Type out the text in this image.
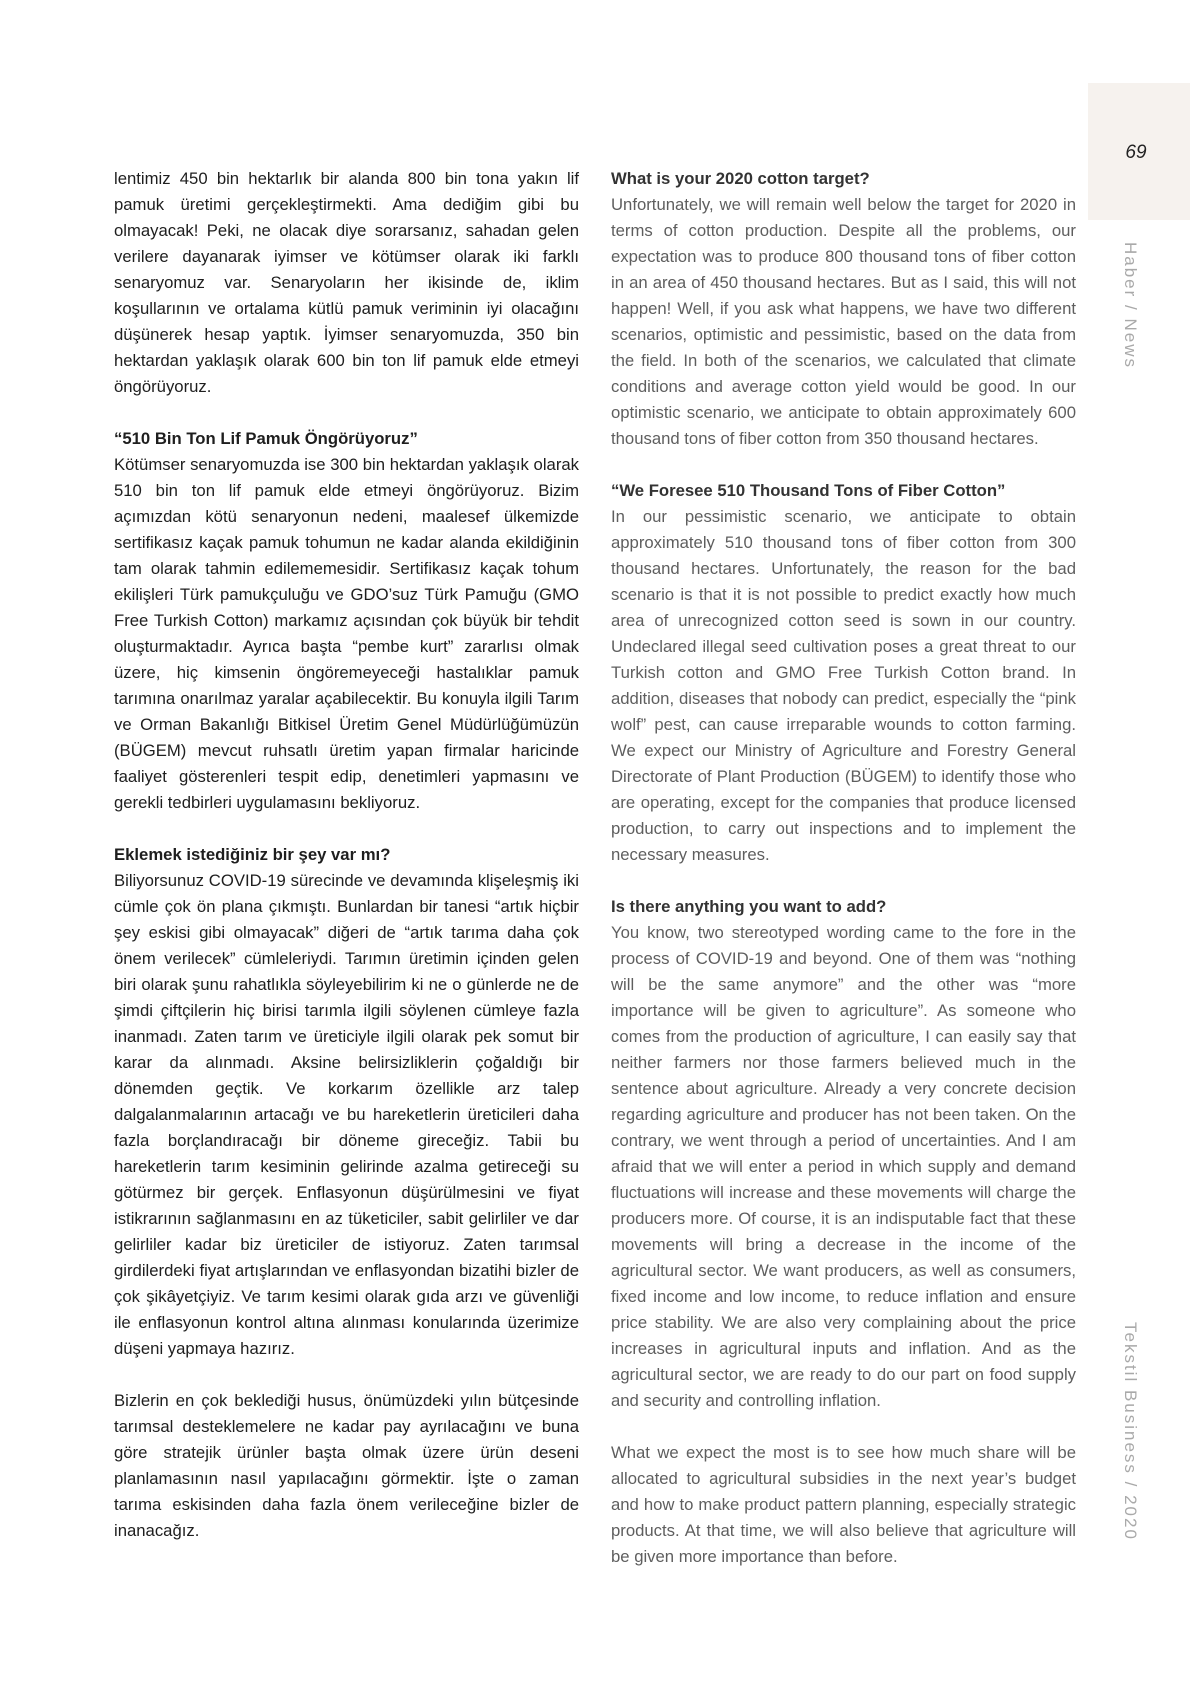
69
Haber / News
Tekstil Business / 2020

lentimiz 450 bin hektarlık bir alanda 800 bin tona yakın lif pamuk üretimi gerçekleştirmekti. Ama dediğim gibi bu olmayacak! Peki, ne olacak diye sorarsanız, sahadan gelen verilere dayanarak iyimser ve kötümser olarak iki farklı senaryomuz var. Senaryoların her ikisinde de, iklim koşullarının ve ortalama kütlü pamuk veriminin iyi olacağını düşünerek hesap yaptık. İyimser senaryomuzda, 350 bin hektardan yaklaşık olarak 600 bin ton lif pamuk elde etmeyi öngörüyoruz.

“510 Bin Ton Lif Pamuk Öngörüyoruz”

Kötümser senaryomuzda ise 300 bin hektardan yaklaşık olarak 510 bin ton lif pamuk elde etmeyi öngörüyoruz. Bizim açımızdan kötü senaryonun nedeni, maalesef ülkemizde sertifikasız kaçak pamuk tohumun ne kadar alanda ekildiğinin tam olarak tahmin edilememesidir. Sertifikasız kaçak tohum ekilişleri Türk pamukçuluğu ve GDO’suz Türk Pamuğu (GMO Free Turkish Cotton) markamız açısından çok büyük bir tehdit oluşturmaktadır. Ayrıca başta “pembe kurt” zararlısı olmak üzere, hiç kimsenin öngöremeyeceği hastalıklar pamuk tarımına onarılmaz yaralar açabilecektir. Bu konuyla ilgili Tarım ve Orman Bakanlığı Bitkisel Üretim Genel Müdürlüğümüzün (BÜGEM) mevcut ruhsatlı üretim yapan firmalar haricinde faaliyet gösterenleri tespit edip, denetimleri yapmasını ve gerekli tedbirleri uygulamasını bekliyoruz.

Eklemek istediğiniz bir şey var mı?

Biliyorsunuz COVID-19 sürecinde ve devamında klişeleşmiş iki cümle çok ön plana çıkmıştı. Bunlardan bir tanesi “artık hiçbir şey eskisi gibi olmayacak” diğeri de “artık tarıma daha çok önem verilecek” cümleleriydi. Tarımın üretimin içinden gelen biri olarak şunu rahatlıkla söyleyebilirim ki ne o günlerde ne de şimdi çiftçilerin hiç birisi tarımla ilgili söylenen cümleye fazla inanmadı. Zaten tarım ve üreticiyle ilgili olarak pek somut bir karar da alınmadı. Aksine belirsizliklerin çoğaldığı bir dönemden geçtik. Ve korkarım özellikle arz talep dalgalanmalarının artacağı ve bu hareketlerin üreticileri daha fazla borçlandıracağı bir döneme gireceğiz. Tabii bu hareketlerin tarım kesiminin gelirinde azalma getireceği su götürmez bir gerçek. Enflasyonun düşürülmesini ve fiyat istikrarının sağlanmasını en az tüketiciler, sabit gelirliler ve dar gelirliler kadar biz üreticiler de istiyoruz. Zaten tarımsal girdilerdeki fiyat artışlarından ve enflasyondan bizatihi bizler de çok şikâyetçiyiz. Ve tarım kesimi olarak gıda arzı ve güvenliği ile enflasyonun kontrol altına alınması konularında üzerimize düşeni yapmaya hazırız.

Bizlerin en çok beklediği husus, önümüzdeki yılın bütçesinde tarımsal desteklemelere ne kadar pay ayrılacağını ve buna göre stratejik ürünler başta olmak üzere ürün deseni planlamasının nasıl yapılacağını görmektir. İşte o zaman tarıma eskisinden daha fazla önem verileceğine bizler de inanacağız.

What is your 2020 cotton target?

Unfortunately, we will remain well below the target for 2020 in terms of cotton production. Despite all the problems, our expectation was to produce 800 thousand tons of fiber cotton in an area of 450 thousand hectares. But as I said, this will not happen! Well, if you ask what happens, we have two different scenarios, optimistic and pessimistic, based on the data from the field. In both of the scenarios, we calculated that climate conditions and average cotton yield would be good. In our optimistic scenario, we anticipate to obtain approximately 600 thousand tons of fiber cotton from 350 thousand hectares.

“We Foresee 510 Thousand Tons of Fiber Cotton”

In our pessimistic scenario, we anticipate to obtain approximately 510 thousand tons of fiber cotton from 300 thousand hectares. Unfortunately, the reason for the bad scenario is that it is not possible to predict exactly how much area of unrecognized cotton seed is sown in our country. Undeclared illegal seed cultivation poses a great threat to our Turkish cotton and GMO Free Turkish Cotton brand. In addition, diseases that nobody can predict, especially the “pink wolf” pest, can cause irreparable wounds to cotton farming. We expect our Ministry of Agriculture and Forestry General Directorate of Plant Production (BÜGEM) to identify those who are operating, except for the companies that produce licensed production, to carry out inspections and to implement the necessary measures.

Is there anything you want to add?

You know, two stereotyped wording came to the fore in the process of COVID-19 and beyond. One of them was “nothing will be the same anymore” and the other was “more importance will be given to agriculture”. As someone who comes from the production of agriculture, I can easily say that neither farmers nor those farmers believed much in the sentence about agriculture. Already a very concrete decision regarding agriculture and producer has not been taken. On the contrary, we went through a period of uncertainties. And I am afraid that we will enter a period in which supply and demand fluctuations will increase and these movements will charge the producers more. Of course, it is an indisputable fact that these movements will bring a decrease in the income of the agricultural sector. We want producers, as well as consumers, fixed income and low income, to reduce inflation and ensure price stability. We are also very complaining about the price increases in agricultural inputs and inflation. And as the agricultural sector, we are ready to do our part on food supply and security and controlling inflation.

What we expect the most is to see how much share will be allocated to agricultural subsidies in the next year’s budget and how to make product pattern planning, especially strategic products. At that time, we will also believe that agriculture will be given more importance than before.
